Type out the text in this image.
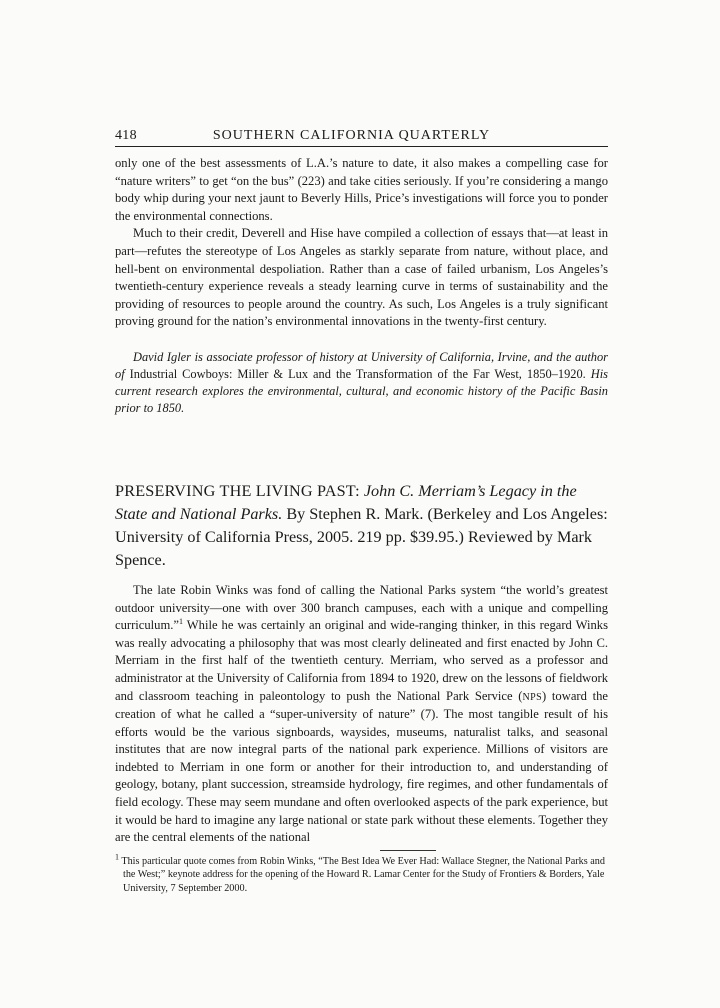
418	SOUTHERN CALIFORNIA QUARTERLY

only one of the best assessments of L.A.’s nature to date, it also makes a compelling case for “nature writers” to get “on the bus” (223) and take cities seriously. If you’re considering a mango body whip during your next jaunt to Beverly Hills, Price’s investigations will force you to ponder the environmental connections.

Much to their credit, Deverell and Hise have compiled a collection of essays that—at least in part—refutes the stereotype of Los Angeles as starkly separate from nature, without place, and hell-bent on environmental despoliation. Rather than a case of failed urbanism, Los Angeles’s twentieth-century experience reveals a steady learning curve in terms of sustainability and the providing of resources to people around the country. As such, Los Angeles is a truly significant proving ground for the nation’s environmental innovations in the twenty-first century.

David Igler is associate professor of history at University of California, Irvine, and the author of Industrial Cowboys: Miller & Lux and the Transformation of the Far West, 1850–1920. His current research explores the environmental, cultural, and economic history of the Pacific Basin prior to 1850.

PRESERVING THE LIVING PAST: John C. Merriam’s Legacy in the State and National Parks. By Stephen R. Mark. (Berkeley and Los Angeles: University of California Press, 2005. 219 pp. $39.95.) Reviewed by Mark Spence.

The late Robin Winks was fond of calling the National Parks system “the world’s greatest outdoor university—one with over 300 branch campuses, each with a unique and compelling curriculum.”$^1$ While he was certainly an original and wide-ranging thinker, in this regard Winks was really advocating a philosophy that was most clearly delineated and first enacted by John C. Merriam in the first half of the twentieth century. Merriam, who served as a professor and administrator at the University of California from 1894 to 1920, drew on the lessons of fieldwork and classroom teaching in paleontology to push the National Park Service (NPS) toward the creation of what he called a “super-university of nature” (7). The most tangible result of his efforts would be the various signboards, waysides, museums, naturalist talks, and seasonal institutes that are now integral parts of the national park experience. Millions of visitors are indebted to Merriam in one form or another for their introduction to, and understanding of geology, botany, plant succession, streamside hydrology, fire regimes, and other fundamentals of field ecology. These may seem mundane and often overlooked aspects of the park experience, but it would be hard to imagine any large national or state park without these elements. Together they are the central elements of the national

$^1$ This particular quote comes from Robin Winks, “The Best Idea We Ever Had: Wallace Stegner, the National Parks and the West;” keynote address for the opening of the Howard R. Lamar Center for the Study of Frontiers & Borders, Yale University, 7 September 2000.
